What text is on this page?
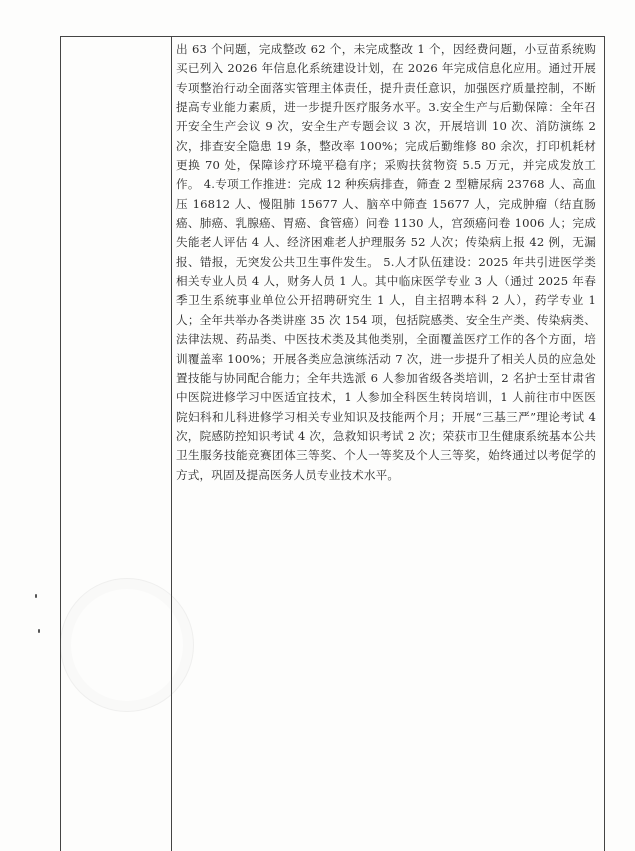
出 63 个问题，完成整改 62 个，未完成整改 1 个，因经费问题，小豆苗系统购买已列入 2026 年信息化系统建设计划，在 2026 年完成信息化应用。通过开展专项整治行动全面落实管理主体责任，提升责任意识，加强医疗质量控制，不断提高专业能力素质，进一步提升医疗服务水平。3.安全生产与后勤保障：全年召开安全生产会议 9 次，安全生产专题会议 3 次，开展培训 10 次、消防演练 2 次，排查安全隐患 19 条，整改率 100%；完成后勤维修 80 余次，打印机耗材更换 70 处，保障诊疗环境平稳有序；采购扶贫物资 5.5 万元，并完成发放工作。 4.专项工作推进：完成 12 种疾病排查，筛查 2 型糖尿病 23768 人、高血压 16812 人、慢阻肺 15677 人、脑卒中筛查 15677 人，完成肿瘤（结直肠癌、肺癌、乳腺癌、胃癌、食管癌）问卷 1130 人，宫颈癌问卷 1006 人；完成失能老人评估 4 人、经济困难老人护理服务 52 人次；传染病上报 42 例，无漏报、错报，无突发公共卫生事件发生。 5.人才队伍建设：2025 年共引进医学类相关专业人员 4 人，财务人员 1 人。其中临床医学专业 3 人（通过 2025 年春季卫生系统事业单位公开招聘研究生 1 人，自主招聘本科 2 人），药学专业 1 人；全年共举办各类讲座 35 次 154 项，包括院感类、安全生产类、传染病类、法律法规、药品类、中医技术类及其他类别，全面覆盖医疗工作的各个方面，培训覆盖率 100%；开展各类应急演练活动 7 次，进一步提升了相关人员的应急处置技能与协同配合能力；全年共选派 6 人参加省级各类培训，2 名护士至甘肃省中医院进修学习中医适宜技术，1 人参加全科医生转岗培训，1 人前往市中医医院妇科和儿科进修学习相关专业知识及技能两个月；开展“三基三严”理论考试 4 次，院感防控知识考试 4 次，急救知识考试 2 次；荣获市卫生健康系统基本公共卫生服务技能竞赛团体三等奖、个人一等奖及个人三等奖，始终通过以考促学的方式，巩固及提高医务人员专业技术水平。
